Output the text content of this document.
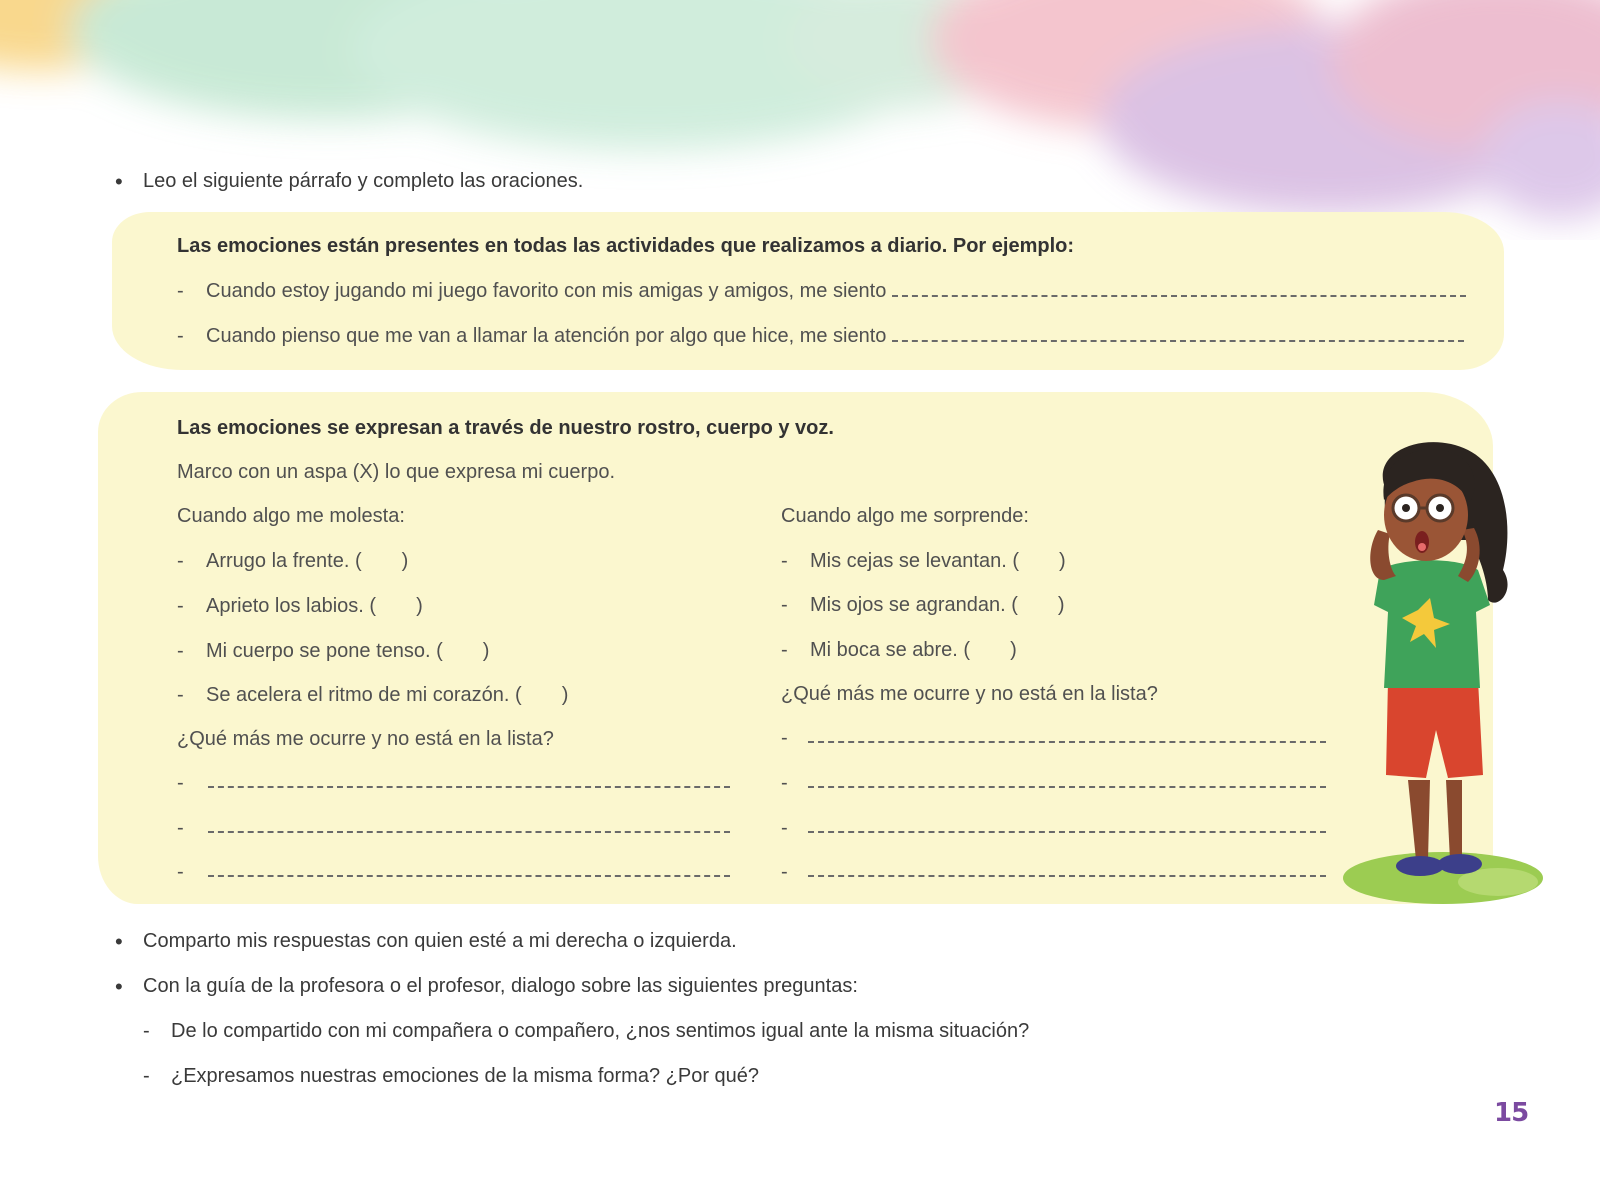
• Leo el siguiente párrafo y completo las oraciones.
Las emociones están presentes en todas las actividades que realizamos a diario. Por ejemplo:
- Cuando estoy jugando mi juego favorito con mis amigas y amigos, me siento
- Cuando pienso que me van a llamar la atención por algo que hice, me siento
Las emociones se expresan a través de nuestro rostro, cuerpo y voz.
Marco con un aspa (X) lo que expresa mi cuerpo.
Cuando algo me molesta:
- Arrugo la frente. ( )
- Aprieto los labios. ( )
- Mi cuerpo se pone tenso. ( )
- Se acelera el ritmo de mi corazón. ( )
¿Qué más me ocurre y no está en la lista?
-
-
-
Cuando algo me sorprende:
- Mis cejas se levantan. ( )
- Mis ojos se agrandan. ( )
- Mi boca se abre. ( )
¿Qué más me ocurre y no está en la lista?
-
-
-
-
• Comparto mis respuestas con quien esté a mi derecha o izquierda.
• Con la guía de la profesora o el profesor, dialogo sobre las siguientes preguntas:
- De lo compartido con mi compañera o compañero, ¿nos sentimos igual ante la misma situación?
- ¿Expresamos nuestras emociones de la misma forma? ¿Por qué?
15
